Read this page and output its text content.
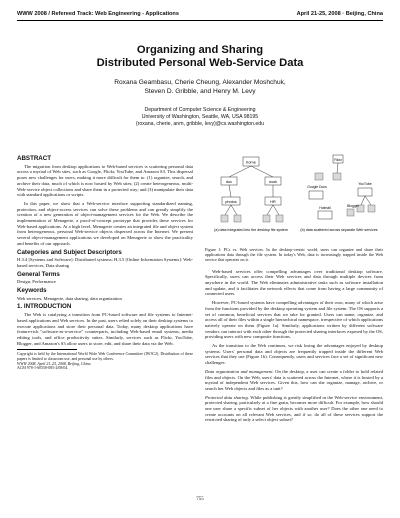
WWW 2008 / Refereed Track: Web Engineering - Applications	April 21-25, 2008 · Beijing, China
Organizing and Sharing
Distributed Personal Web-Service Data
Roxana Geambasu, Cherie Cheung, Alexander Moshchuk,
Steven D. Gribble, and Henry M. Levy
Department of Computer Science & Engineering
University of Washington, Seattle, WA, USA 98195
{roxana, cherie, anm, gribble, levy}@cs.washington.edu
ABSTRACT

The migration from desktop applications to Web-based services is scattering personal data across a myriad of Web sites, such as Google, Flickr, YouTube, and Amazon S3. This dispersal poses new challenges for users, making it more difficult for them to: (1) organize, search, and archive their data, much of which is now hosted by Web sites; (2) create heterogeneous, multi-Web-service object collections and share them in a protected way; and (3) manipulate their data with standard applications or scripts.

In this paper, we show that a Web-service interface supporting standardized naming, protection, and object-access services can solve these problems and can greatly simplify the creation of a new generation of object-management services for the Web. We describe the implementation of Menagerie, a proof-of-concept prototype that provides these services for Web-based applications. At a high level, Menagerie creates an integrated file and object system from heterogeneous, personal Web-service objects dispersed across the Internet. We present several object-management applications we developed on Menagerie to show the practicality and benefits of our approach.

Categories and Subject Descriptors

H.3.4 [Systems and Software]: Distributed systems; H.3.5 [Online Information Systems]: Web-based services, Data sharing

General Terms

Design, Performance

Keywords

Web services, Menagerie, data sharing, data organization

1. INTRODUCTION

The Web is catalyzing a transition from PC-based software and file systems to Internet-based applications and Web services. In the past, users relied solely on their desktop systems to execute applications and store their personal data. Today, many desktop applications have feature-rich "software-as-a-service" counterparts, including Web-based email systems, media editing tools, and office productivity suites. Similarly, services such as Flickr, YouTube, Blogger, and Amazon's S3 allow users to store, edit, and share their data via the Web.

Copyright is held by the International World Wide Web Conference Committee (IW3C2). Distribution of these papers is limited to classroom use, and personal use by others.

WWW 2008, April 21–25, 2008, Beijing, China.

ACM 978-1-60558-085-2/08/04.

home
doc	work
photos	HR
(a) data integrated into the desktop file system
Flickr
Google Docs
YouTube
Hotmail	Blogger
(b) data scattered across separate Web services
Figure 1: PCs vs. Web services. In the desktop-centric world, users can organize and share their applications data through the file system. In today's Web, data is increasingly trapped inside the Web service that operates on it.

Web-based services offer compelling advantages over traditional desktop software. Specifically, users can access their Web services and data through multiple devices from anywhere in the world. The Web eliminates administrative tasks such as software installation and update, and it facilitates the network effects that come from having a large community of connected users.

However, PC-based systems have compelling advantages of their own, many of which arise from the functions provided by the desktop operating system and file system. The OS supports a set of common, beneficial services that we take for granted. Users can name, organize, and access all of their files within a single hierarchical namespace, irrespective of which applications natively operate on them (Figure 1a). Similarly, applications written by different software vendors can interact with each other through the protected sharing interfaces exposed by the OS, providing users with new composite functions.

As the transition to the Web continues, we risk losing the advantages enjoyed by desktop systems. Users' personal data and objects are frequently trapped inside the different Web services that they use (Figure 1b). Consequently, users and services face a set of significant new challenges:

Data organization and management. On the desktop, a user can create a folder to hold related files and objects. On the Web, users' data is scattered across the Internet, where it is hosted by a myriad of independent Web services. Given this, how can she organize, manage, archive, or search her Web objects and files as a unit?

Protected data sharing. While publishing is greatly simplified in the Web-service environment, protected sharing, particularly at a fine grain, becomes more difficult. For example, how should one user share a specific subset of her objects with another user? Does the other one need to create accounts on all relevant Web services, and if so, do all of these services support the restricted sharing of only a select object subset?

755
